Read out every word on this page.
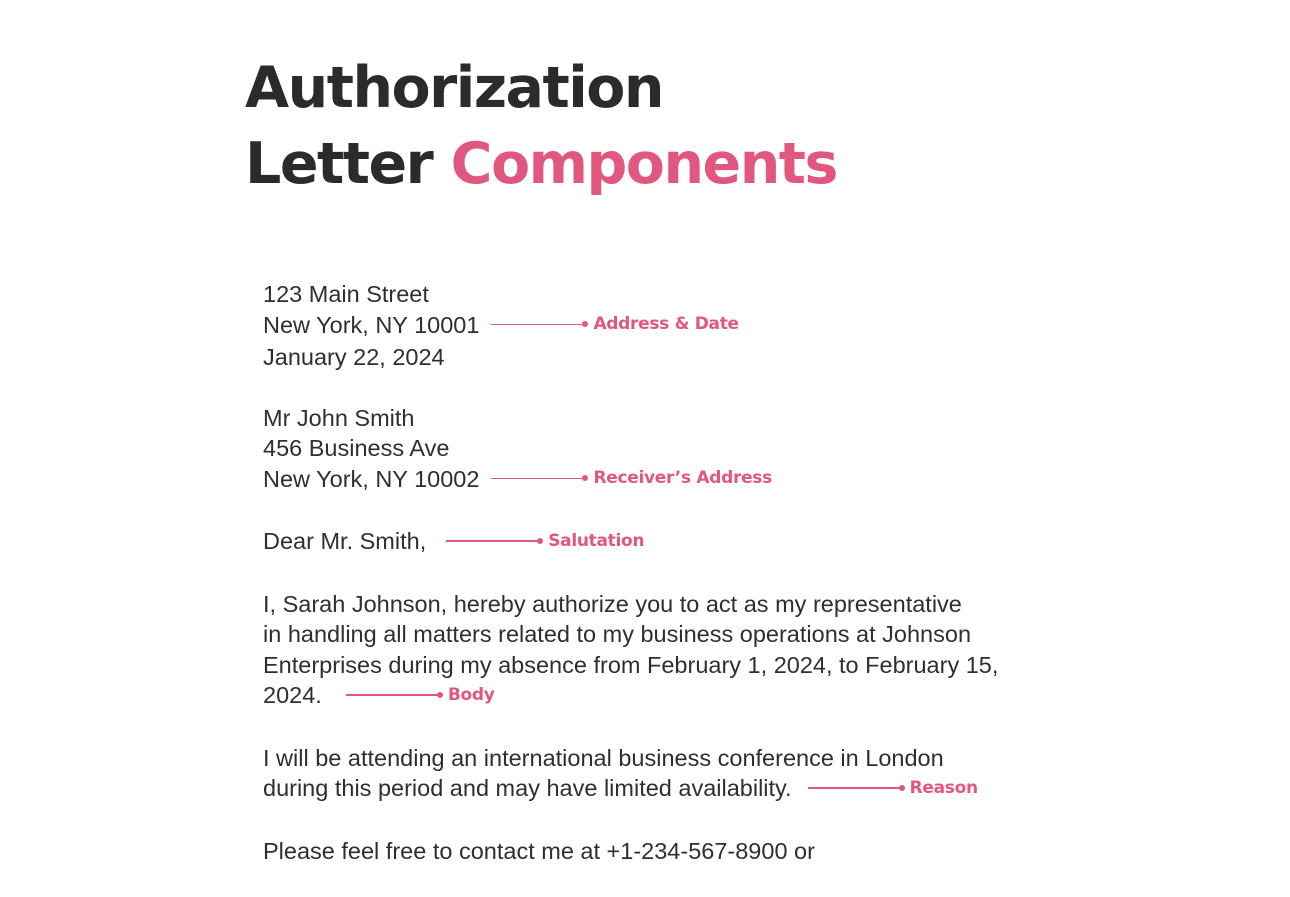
Authorization
Letter Components
123 Main Street
New York, NY 10001	Address & Date
January 22, 2024
Mr John Smith
456 Business Ave
New York, NY 10002	Receiver’s Address
Dear Mr. Smith,	Salutation
I, Sarah Johnson, hereby authorize you to act as my representative
in handling all matters related to my business operations at Johnson
Enterprises during my absence from February 1, 2024, to February 15,
2024.	Body
I will be attending an international business conference in London
during this period and may have limited availability.	Reason
Please feel free to contact me at +1-234-567-8900 or
